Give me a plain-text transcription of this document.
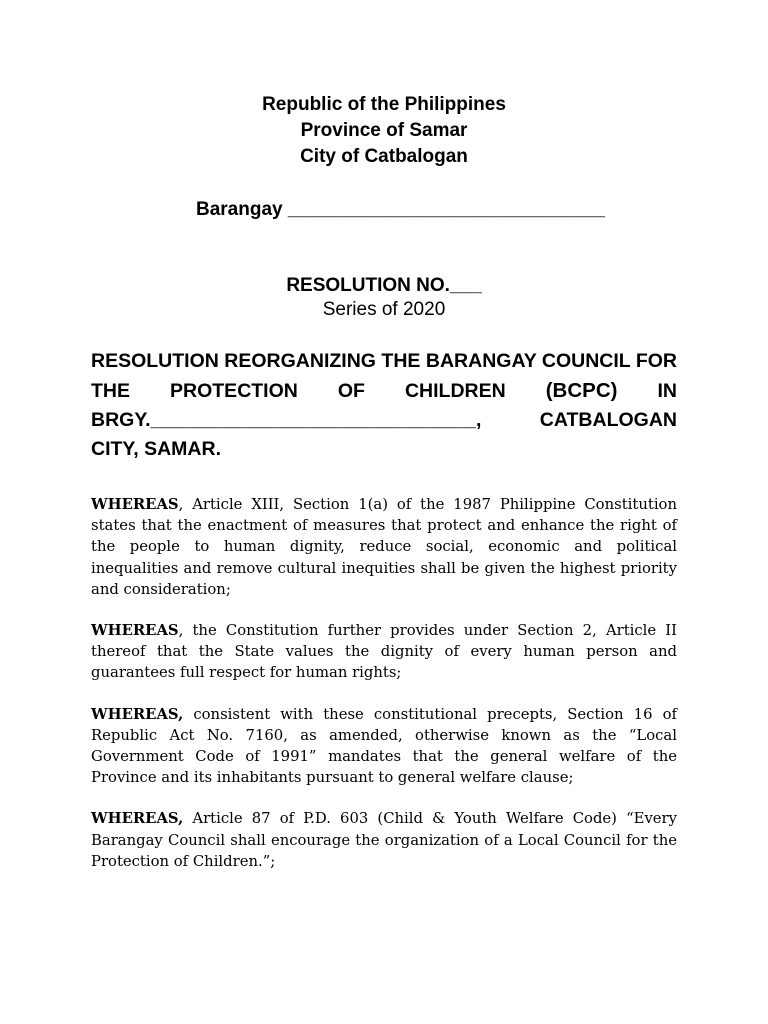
Republic of the Philippines
Province of Samar
City of Catbalogan
Barangay ______________________________
RESOLUTION NO.___
Series of 2020
RESOLUTION REORGANIZING THE BARANGAY COUNCIL FOR THE PROTECTION OF CHILDREN (BCPC) IN BRGY.______________________________, CATBALOGAN CITY, SAMAR.

WHEREAS, Article XIII, Section 1(a) of the 1987 Philippine Constitution states that the enactment of measures that protect and enhance the right of the people to human dignity, reduce social, economic and political inequalities and remove cultural inequities shall be given the highest priority and consideration;

WHEREAS, the Constitution further provides under Section 2, Article II thereof that the State values the dignity of every human person and guarantees full respect for human rights;

WHEREAS, consistent with these constitutional precepts, Section 16 of Republic Act No. 7160, as amended, otherwise known as the “Local Government Code of 1991” mandates that the general welfare of the Province and its inhabitants pursuant to general welfare clause;

WHEREAS, Article 87 of P.D. 603 (Child & Youth Welfare Code) “Every Barangay Council shall encourage the organization of a Local Council for the Protection of Children.”;
